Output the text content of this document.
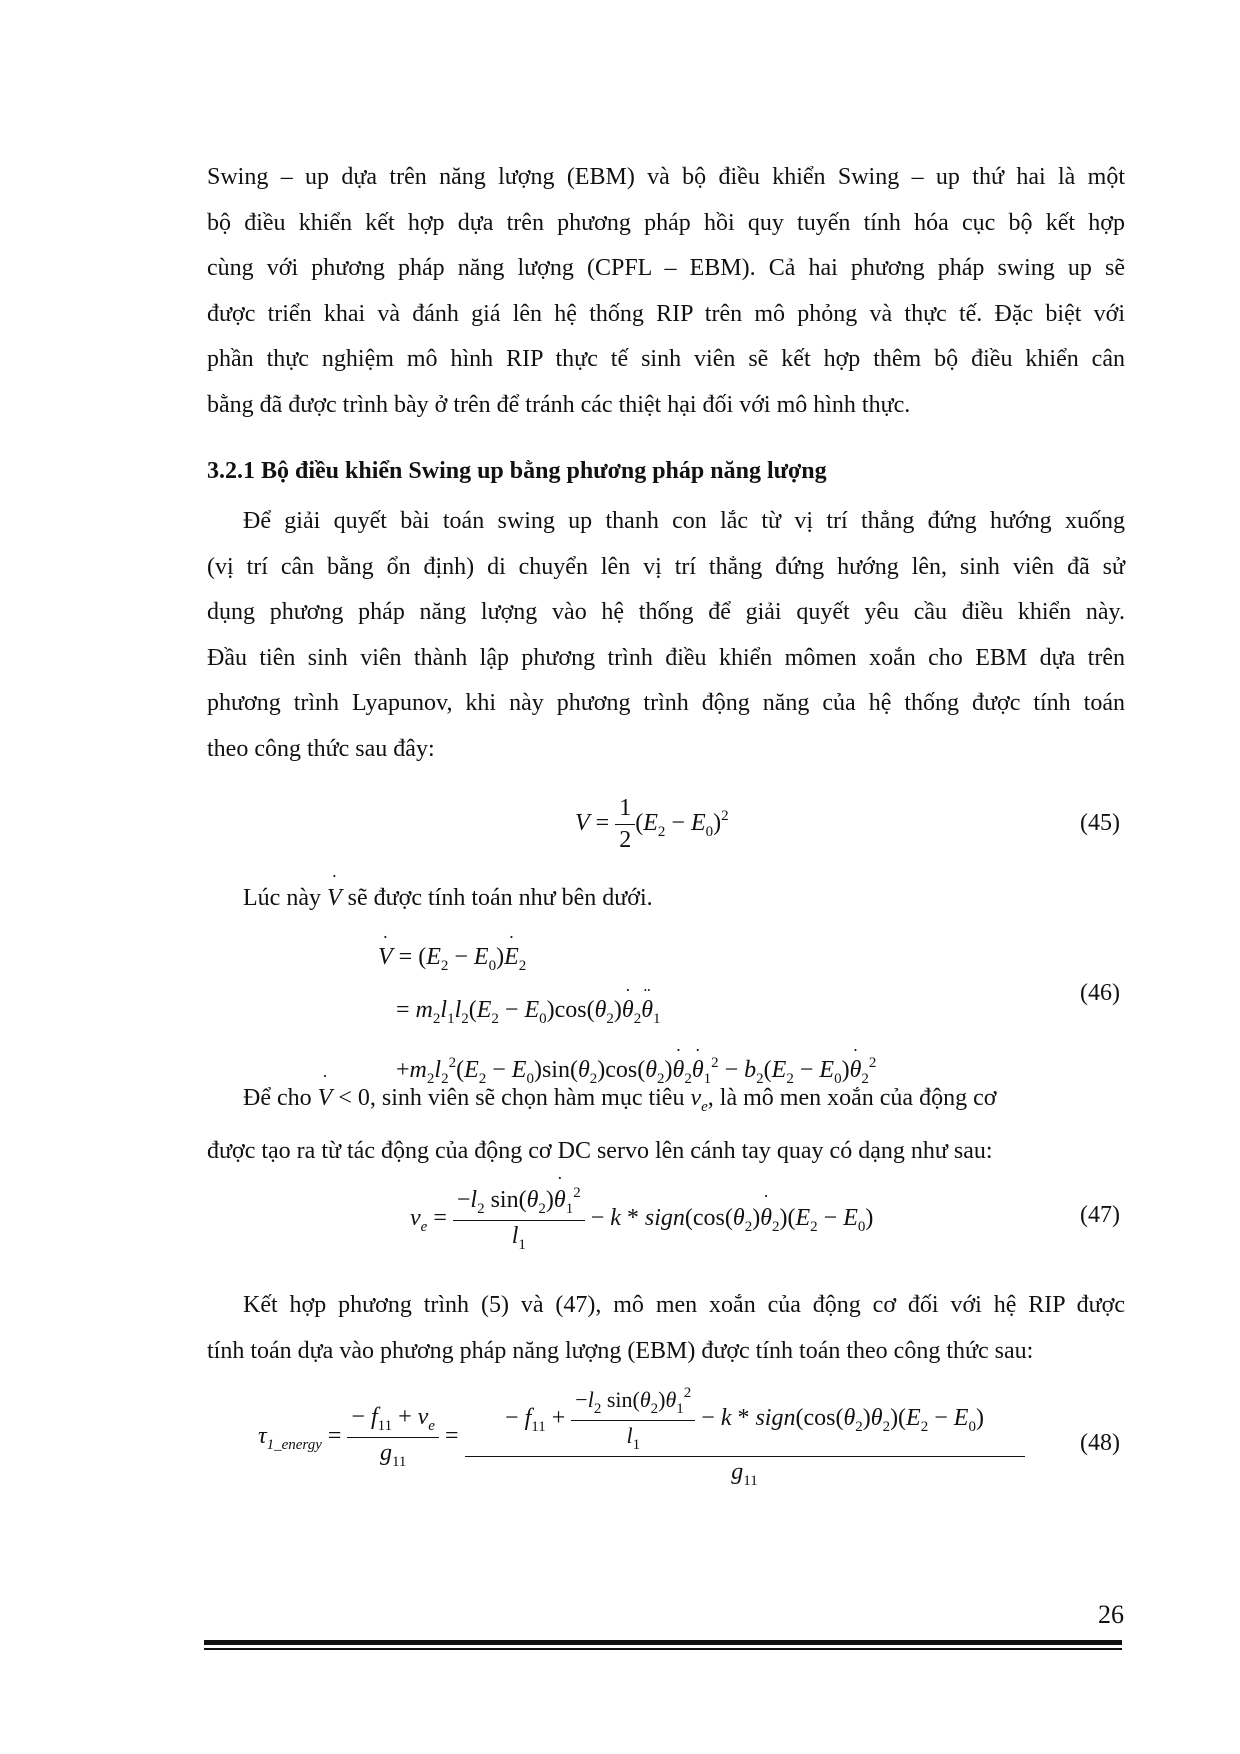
Swing – up dựa trên năng lượng (EBM) và bộ điều khiển Swing – up thứ hai là một
bộ điều khiển kết hợp dựa trên phương pháp hồi quy tuyến tính hóa cục bộ kết hợp
cùng với phương pháp năng lượng (CPFL – EBM). Cả hai phương pháp swing up sẽ
được triển khai và đánh giá lên hệ thống RIP trên mô phỏng và thực tế. Đặc biệt với
phần thực nghiệm mô hình RIP thực tế sinh viên sẽ kết hợp thêm bộ điều khiển cân
bằng đã được trình bày ở trên để tránh các thiệt hại đối với mô hình thực.
3.2.1 Bộ điều khiển Swing up bằng phương pháp năng lượng
Để giải quyết bài toán swing up thanh con lắc từ vị trí thẳng đứng hướng xuống
(vị trí cân bằng ổn định) di chuyển lên vị trí thẳng đứng hướng lên, sinh viên đã sử
dụng phương pháp năng lượng vào hệ thống để giải quyết yêu cầu điều khiển này.
Đầu tiên sinh viên thành lập phương trình điều khiển mômen xoắn cho EBM dựa trên
phương trình Lyapunov, khi này phương trình động năng của hệ thống được tính toán
theo công thức sau đây:
$V = \frac{1}{2} (E_2 - E_0)^2$	(45)
Lúc này ˙ V sẽ được tính toán như bên dưới.
˙ $V = (E_2$ − $E_0)˙$ $E_2$
= $m_2l_1l_2(E_2$ − $E_0)\cos(\theta_2)˙$ $\theta_2¨$ $\theta_1$
$+m_2l_2^2(E_2$ − $E_0)\sin(\theta_2)\cos(\theta_2)˙$ $\theta_2˙$ $\theta_1^2 - b_2(E_2$ − $E_0)˙$ $\theta_2^2$
(46)
Để cho ˙ V < 0, sinh viên sẽ chọn hàm mục tiêu $v_e$, là mô men xoắn của động cơ
được tạo ra từ tác động của động cơ DC servo lên cánh tay quay có dạng như sau:
$v_e = \frac{-l_2 \sin(\theta_2)˙ \theta_1^2}{l_1} - k$ * $sign(\cos(\theta_2)˙$ $\theta_2)(E_2 - E_0)$	(47)
Kết hợp phương trình (5) và (47), mô men xoắn của động cơ đối với hệ RIP được
tính toán dựa vào phương pháp năng lượng (EBM) được tính toán theo công thức sau:
$\tau_{1\_energy} = \frac{- f_{11} + v_e}{g_{11}}$ =
− $f_{11} + \frac{-l_2 \sin(\theta_2)\theta_1^2}{l_1} - k$ * $sign(\cos(\theta_2)\theta_2)(E_2 - E_0)$
$g_{11}$
(48)
26
